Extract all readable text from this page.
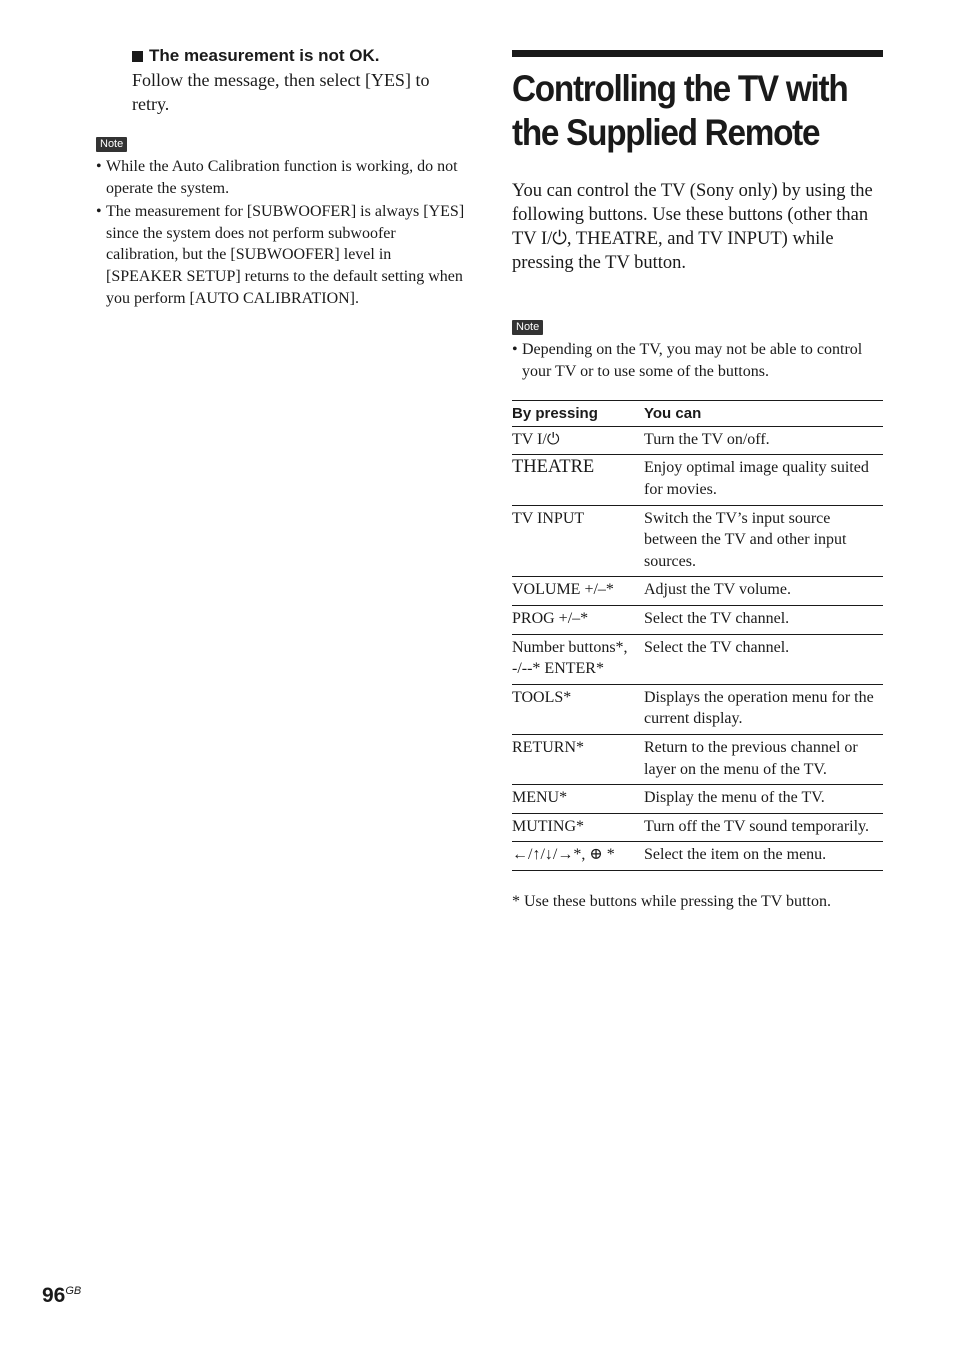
The measurement is not OK.
Follow the message, then select [YES] to retry.
Note
• While the Auto Calibration function is working, do not operate the system.
• The measurement for [SUBWOOFER] is always [YES] since the system does not perform subwoofer calibration, but the [SUBWOOFER] level in [SPEAKER SETUP] returns to the default setting when you perform [AUTO CALIBRATION].
Controlling the TV with
the Supplied Remote
You can control the TV (Sony only) by using the following buttons. Use these buttons (other than TV I/⏻, THEATRE, and TV INPUT) while pressing the TV button.
Note
• Depending on the TV, you may not be able to control your TV or to use some of the buttons.
By pressing	You can
TV I/⏻	Turn the TV on/off.
THEATRE	Enjoy optimal image quality suited for movies.
TV INPUT	Switch the TV’s input source between the TV and other input sources.
VOLUME +/–*	Adjust the TV volume.
PROG +/–*	Select the TV channel.
Number buttons*, -/--* ENTER*	Select the TV channel.
TOOLS*	Displays the operation menu for the current display.
RETURN*	Return to the previous channel or layer on the menu of the TV.
MENU*	Display the menu of the TV.
MUTING*	Turn off the TV sound temporarily.
←/↑/↓/→*, ⊕ *	Select the item on the menu.
* Use these buttons while pressing the TV button.
$96^{GB}$
